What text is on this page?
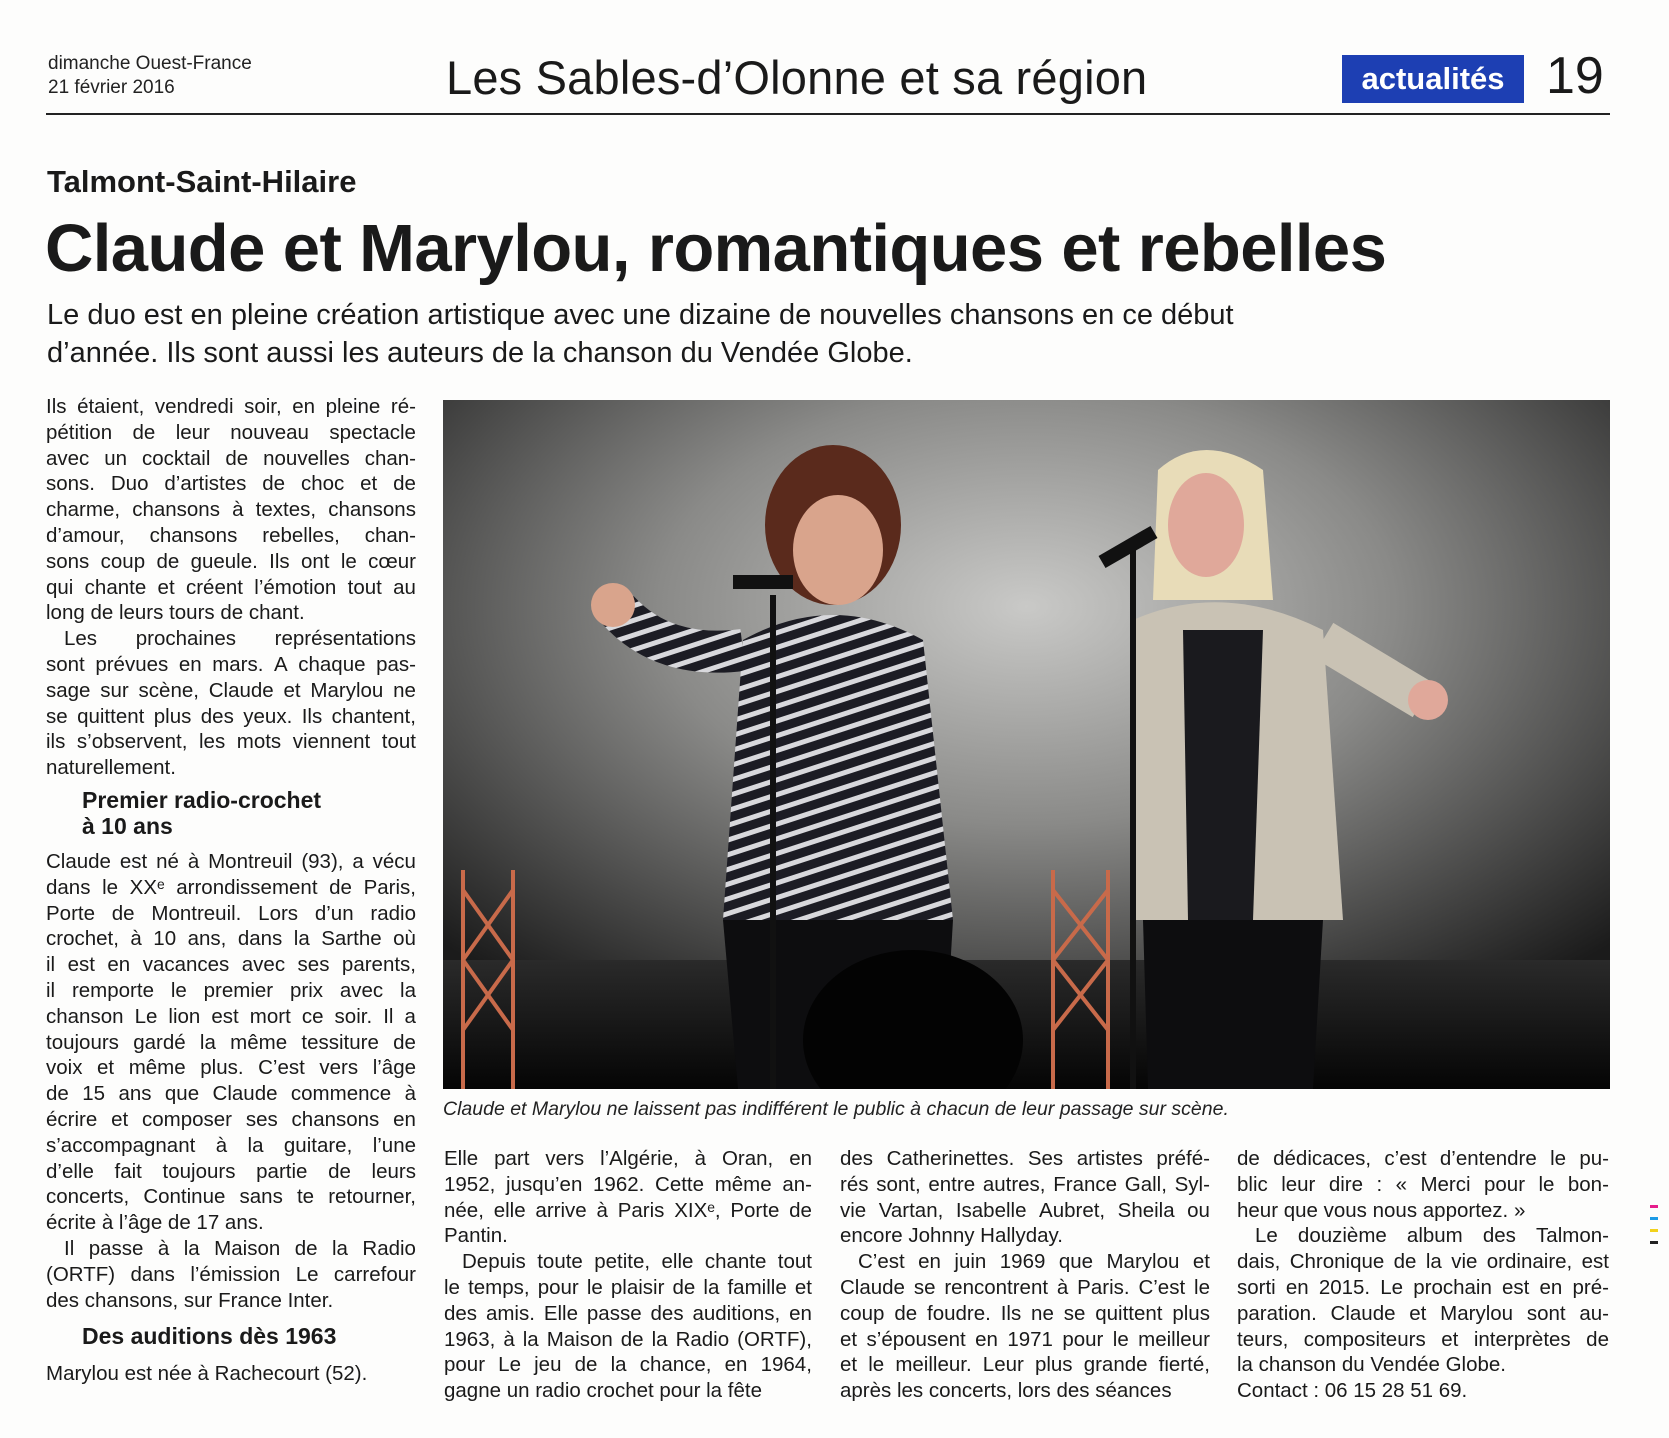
dimanche Ouest-France
21 février 2016	Les Sables-d’Olonne et sa région	actualités 19
Talmont-Saint-Hilaire
Claude et Marylou, romantiques et rebelles
Le duo est en pleine création artistique avec une dizaine de nouvelles chansons en ce début
d’année. Ils sont aussi les auteurs de la chanson du Vendée Globe.
Ils étaient, vendredi soir, en pleine ré-
pétition de leur nouveau spectacle
avec un cocktail de nouvelles chan-
sons. Duo d’artistes de choc et de
charme, chansons à textes, chansons
d’amour, chansons rebelles, chan-
sons coup de gueule. Ils ont le cœur
qui chante et créent l’émotion tout au
long de leurs tours de chant.
Les prochaines représentations
sont prévues en mars. A chaque pas-
sage sur scène, Claude et Marylou ne
se quittent plus des yeux. Ils chantent,
ils s’observent, les mots viennent tout
naturellement.
Premier radio-crochet
à 10 ans
Claude est né à Montreuil (93), a vécu
dans le XXᵉ arrondissement de Paris,
Porte de Montreuil. Lors d’un radio
crochet, à 10 ans, dans la Sarthe où
il est en vacances avec ses parents,
il remporte le premier prix avec la
chanson Le lion est mort ce soir. Il a
toujours gardé la même tessiture de
voix et même plus. C’est vers l’âge
de 15 ans que Claude commence à
écrire et composer ses chansons en
s’accompagnant à la guitare, l’une
d’elle fait toujours partie de leurs
concerts, Continue sans te retourner,
écrite à l’âge de 17 ans.
Il passe à la Maison de la Radio
(ORTF) dans l’émission Le carrefour
des chansons, sur France Inter.
Des auditions dès 1963
Marylou est née à Rachecourt (52).
Claude et Marylou ne laissent pas indifférent le public à chacun de leur passage sur scène.
Elle part vers l’Algérie, à Oran, en
1952, jusqu’en 1962. Cette même an-
née, elle arrive à Paris XIXᵉ, Porte de
Pantin.
Depuis toute petite, elle chante tout
le temps, pour le plaisir de la famille et
des amis. Elle passe des auditions, en
1963, à la Maison de la Radio (ORTF),
pour Le jeu de la chance, en 1964,
gagne un radio crochet pour la fête
des Catherinettes. Ses artistes préfé-
rés sont, entre autres, France Gall, Syl-
vie Vartan, Isabelle Aubret, Sheila ou
encore Johnny Hallyday.
C’est en juin 1969 que Marylou et
Claude se rencontrent à Paris. C’est le
coup de foudre. Ils ne se quittent plus
et s’épousent en 1971 pour le meilleur
et le meilleur. Leur plus grande fierté,
après les concerts, lors des séances
de dédicaces, c’est d’entendre le pu-
blic leur dire : « Merci pour le bon-
heur que vous nous apportez. »
Le douzième album des Talmon-
dais, Chronique de la vie ordinaire, est
sorti en 2015. Le prochain est en pré-
paration. Claude et Marylou sont au-
teurs, compositeurs et interprètes de
la chanson du Vendée Globe.
Contact : 06 15 28 51 69.
